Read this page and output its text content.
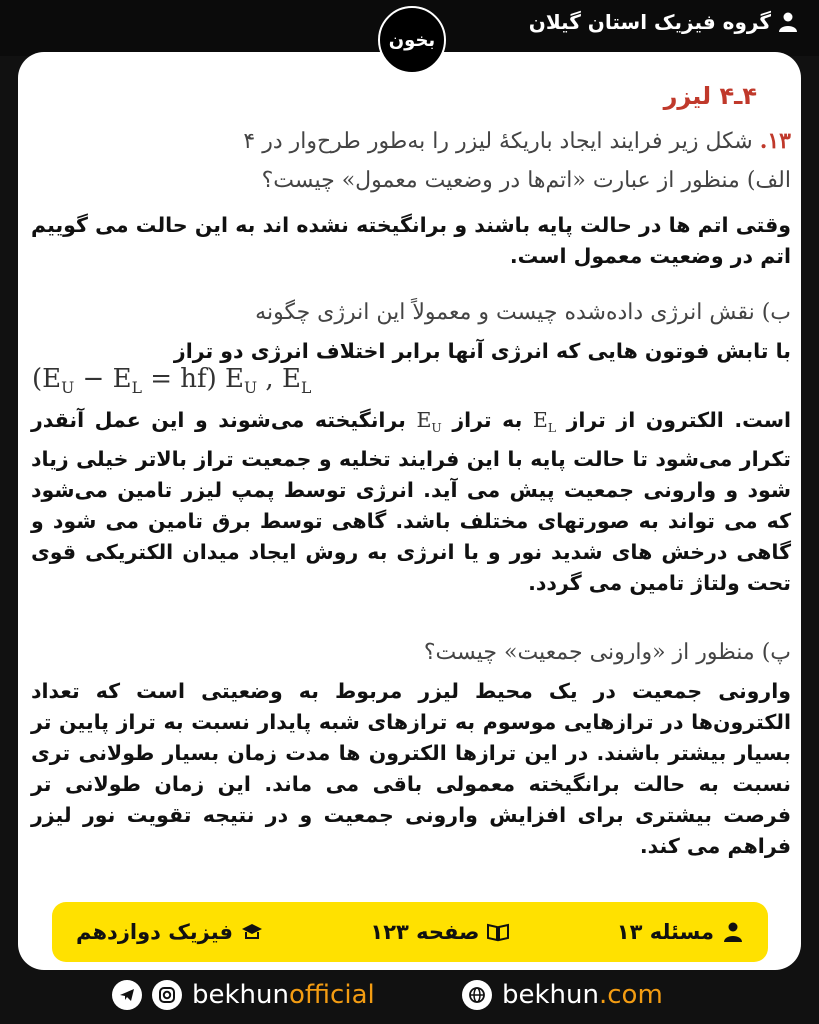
گروه فیزیک استان گیلان
بخون
۴ـ۴ لیزر
۱۳. شکل زیر فرایند ایجاد باریکهٔ لیزر را به‌طور طرح‌وار در ۴
الف) منظور از عبارت «اتم‌ها در وضعیت معمول» چیست؟
وقتی اتم ها در حالت پایه باشند و برانگیخته نشده اند به این حالت می گوییم اتم در وضعیت معمول است.
ب) نقش انرژی داده‌شده چیست و معمولاً این انرژی چگونه
با تابش فوتون هایی که انرژی آنها برابر اختلاف انرژی دو تراز
$(E_U - E_L = hf)$ $E_U$ , $E_L$
است. الکترون از تراز $E_L$ به تراز $E_U$ برانگیخته می‌شوند و این عمل آنقدر تکرار می‌شود تا حالت پایه با این فرایند تخلیه و جمعیت تراز بالاتر خیلی زیاد شود و وارونی جمعیت پیش می آید. انرژی توسط پمپ لیزر تامین می‌شود که می تواند به صورتهای مختلف باشد. گاهی توسط برق تامین می شود و گاهی درخش های شدید نور و یا انرژی به روش ایجاد میدان الکتریکی قوی تحت ولتاژ تامین می گردد.
پ) منظور از «وارونی جمعیت» چیست؟
وارونی جمعیت در یک محیط لیزر مربوط به وضعیتی است که تعداد الکترون‌ها در ترازهایی موسوم به ترازهای شبه پایدار نسبت به تراز پایین تر بسیار بیشتر باشند. در این ترازها الکترون ها مدت زمان بسیار طولانی تری نسبت به حالت برانگیخته معمولی باقی می ماند. این زمان طولانی تر فرصت بیشتری برای افزایش وارونی جمعیت و در نتیجه تقویت نور لیزر فراهم می کند.
مسئله ۱۳
صفحه ۱۲۳
فیزیک دوازدهم
bekhunofficial	bekhun.com
